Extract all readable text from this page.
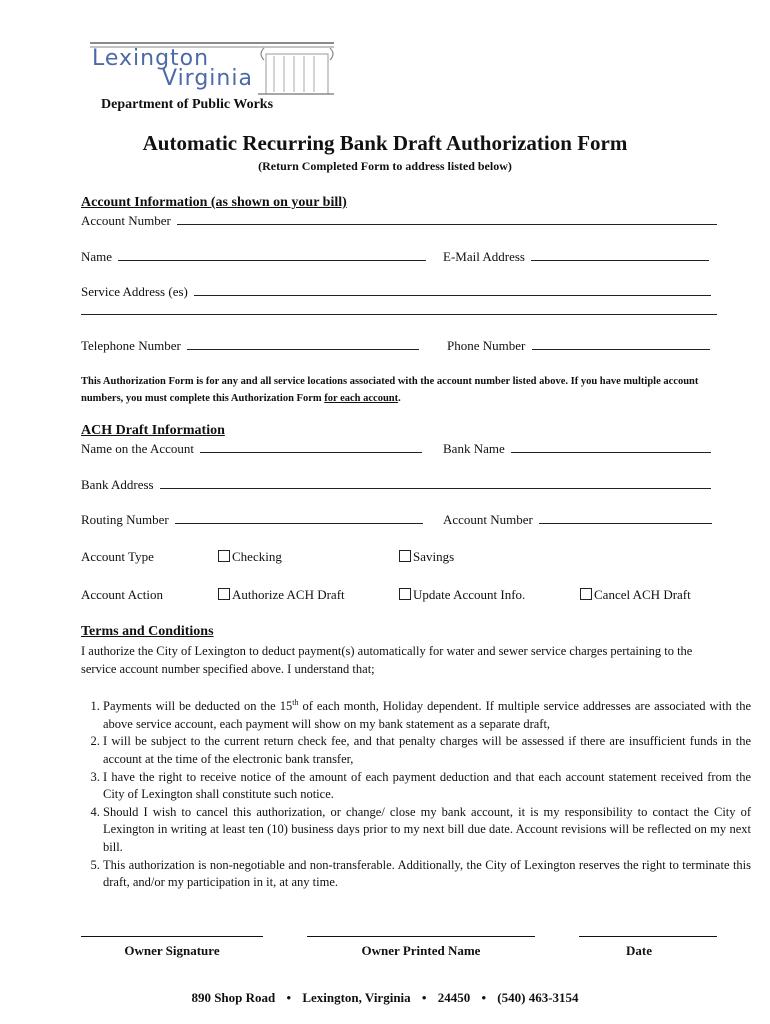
Lexington
Virginia
Department of Public Works
Automatic Recurring Bank Draft Authorization Form
(Return Completed Form to address listed below)
Account Information (as shown on your bill)
Account Number
Name	E-Mail Address
Service Address (es)
Telephone Number	Phone Number
This Authorization Form is for any and all service locations associated with the account number listed above. If you have multiple account numbers, you must complete this Authorization Form for each account.
ACH Draft Information
Name on the Account	Bank Name
Bank Address
Routing Number	Account Number
Account Type	Checking	Savings
Account Action	Authorize ACH Draft	Update Account Info.	Cancel ACH Draft
Terms and Conditions
I authorize the City of Lexington to deduct payment(s) automatically for water and sewer service charges pertaining to the service account number specified above. I understand that;
1. Payments will be deducted on the 15th of each month, Holiday dependent. If multiple service addresses are associated with the above service account, each payment will show on my bank statement as a separate draft,
2. I will be subject to the current return check fee, and that penalty charges will be assessed if there are insufficient funds in the account at the time of the electronic bank transfer,
3. I have the right to receive notice of the amount of each payment deduction and that each account statement received from the City of Lexington shall constitute such notice.
4. Should I wish to cancel this authorization, or change/ close my bank account, it is my responsibility to contact the City of Lexington in writing at least ten (10) business days prior to my next bill due date. Account revisions will be reflected on my next bill.
5. This authorization is non-negotiable and non-transferable. Additionally, the City of Lexington reserves the right to terminate this draft, and/or my participation in it, at any time.
Owner Signature	Owner Printed Name	Date
890 Shop Road • Lexington, Virginia • 24450 • (540) 463-3154
